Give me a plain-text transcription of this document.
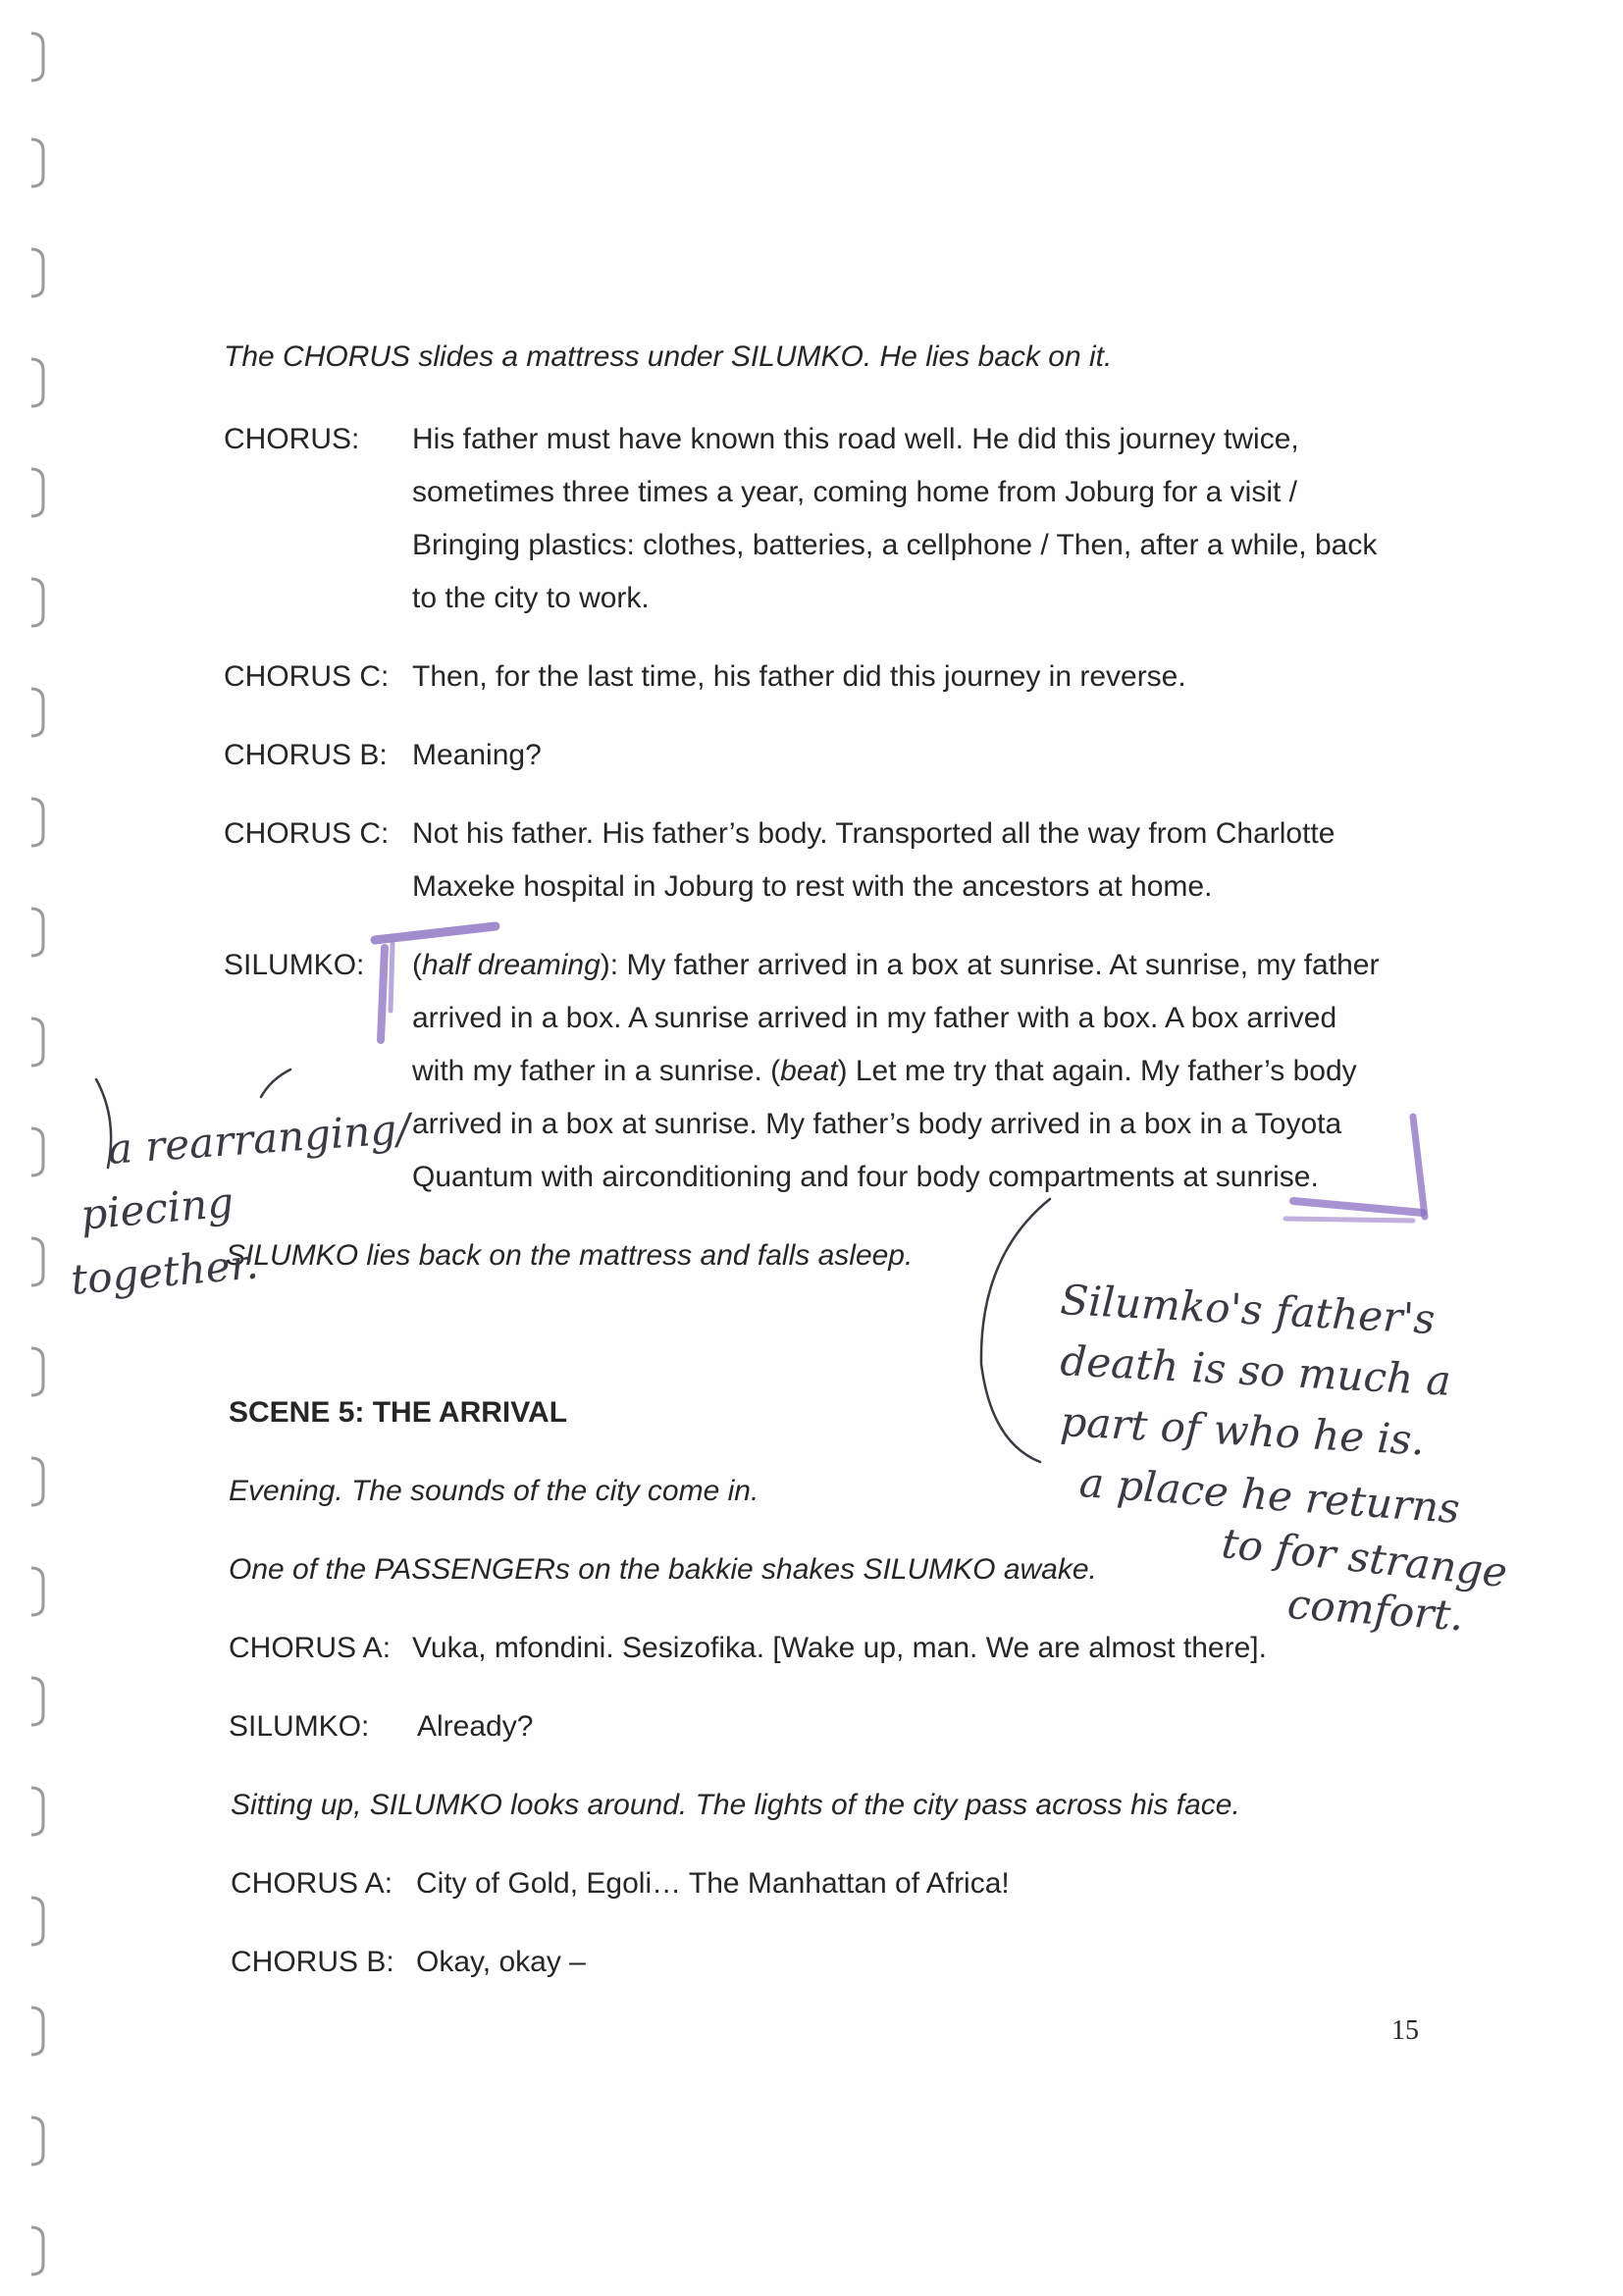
The CHORUS slides a mattress under SILUMKO. He lies back on it.
CHORUS: His father must have known this road well. He did this journey twice,
sometimes three times a year, coming home from Joburg for a visit /
Bringing plastics: clothes, batteries, a cellphone / Then, after a while, back
to the city to work.
CHORUS C: Then, for the last time, his father did this journey in reverse.
CHORUS B: Meaning?
CHORUS C: Not his father. His father’s body. Transported all the way from Charlotte
Maxeke hospital in Joburg to rest with the ancestors at home.
SILUMKO: (half dreaming): My father arrived in a box at sunrise. At sunrise, my father
arrived in a box. A sunrise arrived in my father with a box. A box arrived
with my father in a sunrise. (beat) Let me try that again. My father’s body
arrived in a box at sunrise. My father’s body arrived in a box in a Toyota
Quantum with airconditioning and four body compartments at sunrise.
SILUMKO lies back on the mattress and falls asleep.
SCENE 5: THE ARRIVAL
Evening. The sounds of the city come in.
One of the PASSENGERs on the bakkie shakes SILUMKO awake.
CHORUS A: Vuka, mfondini. Sesizofika. [Wake up, man. We are almost there].
SILUMKO: Already?
Sitting up, SILUMKO looks around. The lights of the city pass across his face.
CHORUS A: City of Gold, Egoli… The Manhattan of Africa!
CHORUS B: Okay, okay –
15
a rearranging/
piecing
together.
Silumko's father's
death is so much a
part of who he is.
a place he returns
to for strange
comfort.
